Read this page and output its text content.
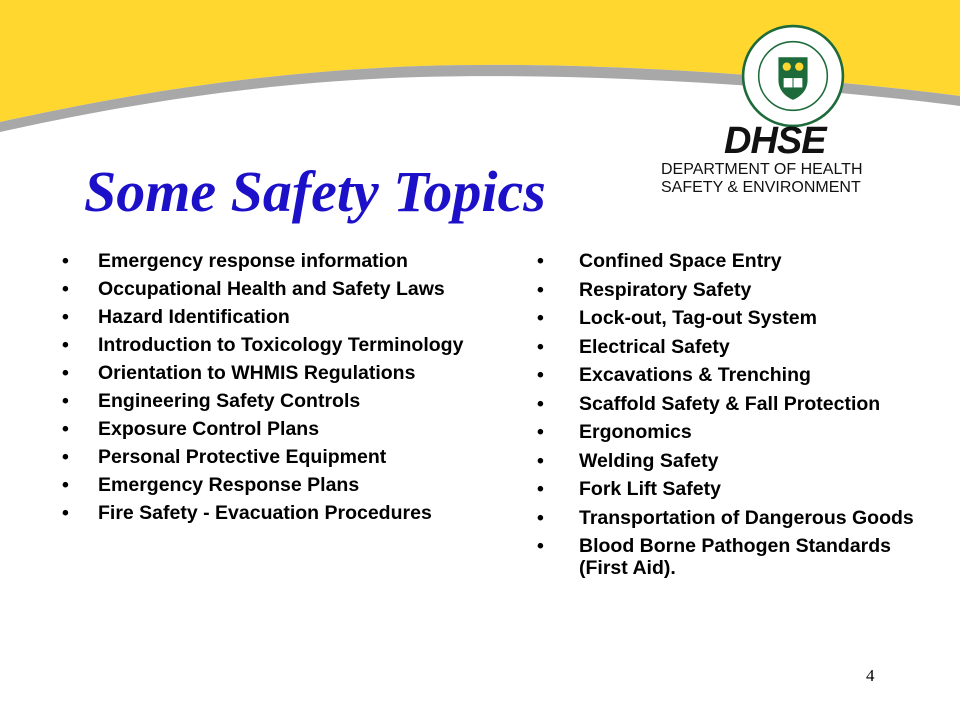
Some Safety Topics
DHSE
DEPARTMENT OF HEALTH
SAFETY & ENVIRONMENT
• Emergency response information
• Occupational Health and Safety Laws
• Hazard Identification
• Introduction to Toxicology Terminology
• Orientation to WHMIS Regulations
• Engineering Safety Controls
• Exposure Control Plans
• Personal Protective Equipment
• Emergency Response Plans
• Fire Safety - Evacuation Procedures
• Confined Space Entry
• Respiratory Safety
• Lock-out, Tag-out System
• Electrical Safety
• Excavations & Trenching
• Scaffold Safety & Fall Protection
• Ergonomics
• Welding Safety
• Fork Lift Safety
• Transportation of Dangerous Goods
• Blood Borne Pathogen Standards (First Aid).
4
